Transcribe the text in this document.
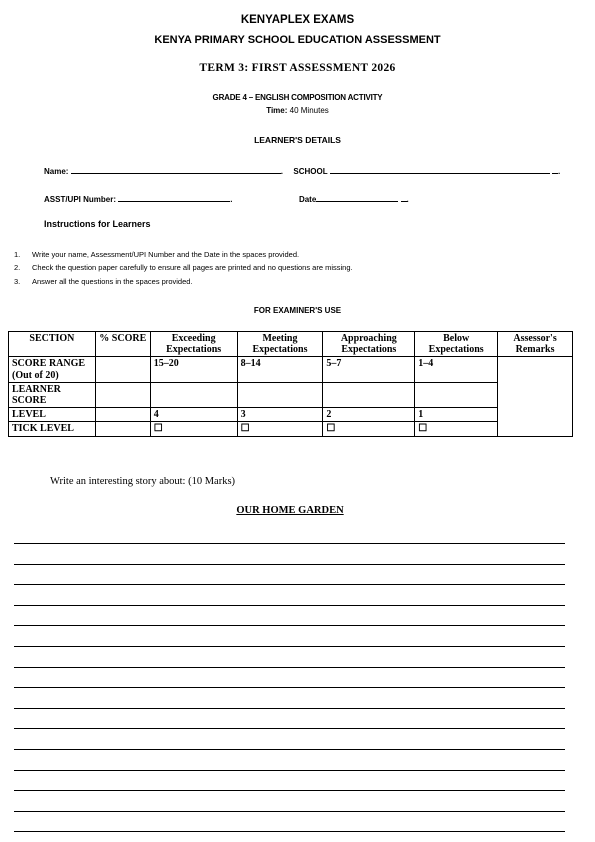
KENYAPLEX EXAMS
KENYA PRIMARY SCHOOL EDUCATION ASSESSMENT
TERM 3: FIRST ASSESSMENT 2026
GRADE 4 – ENGLISH COMPOSITION ACTIVITY
Time: 40 Minutes
LEARNER'S DETAILS
Name:	. SCHOOL	.
ASST/UPI Number:	.	Date	.
Instructions for Learners
1. Write your name, Assessment/UPI Number and the Date in the spaces provided.
2. Check the question paper carefully to ensure all pages are printed and no questions are missing.
3. Answer all the questions in the spaces provided.
FOR EXAMINER'S USE
SECTION	% SCORE	Exceeding Expectations	Meeting Expectations	Approaching Expectations	Below Expectations	Assessor's Remarks
SCORE RANGE (Out of 20)		15–20	8–14	5–7	1–4	
LEARNER SCORE						
LEVEL		4	3	2	1	
TICK LEVEL		☐	☐	☐	☐	
Write an interesting story about: (10 Marks)
OUR HOME GARDEN
